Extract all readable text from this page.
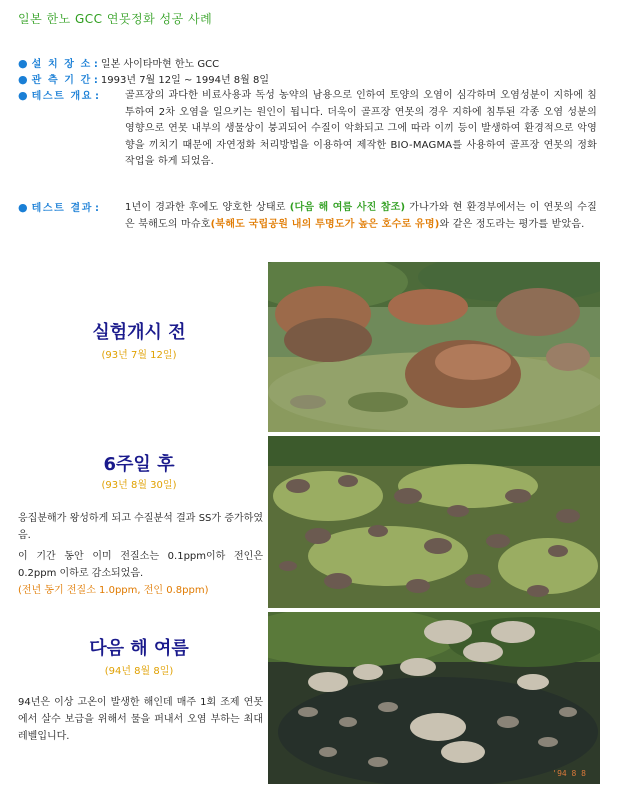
일본 한노 GCC 연못정화 성공 사례
● 설 치 장 소 : 일본 사이타마현 한노 GCC
● 관 측 기 간 : 1993년 7월 12일 ~ 1994년 8월 8일
● 테스트 개요 :	골프장의 과다한 비료사용과 독성 농약의 남용으로 인하여 토양의 오염이 심각하며 오염성분이 지하에 침투하여 2차 오염을 일으키는 원인이 됩니다. 더욱이 골프장 연못의 경우 지하에 침투된 각종 오염 성분의 영향으로 연못 내부의 생물상이 붕괴되어 수질이 악화되고 그에 따라 이끼 등이 발생하여 환경적으로 악영향을 끼치기 때문에 자연정화 처리방법을 이용하여 제작한 BIO-MAGMA를 사용하여 골프장 연못의 정화작업을 하게 되었음.
● 테스트 결과 :	1년이 경과한 후에도 양호한 상태로 (다음 해 여름 사진 참조) 가나가와 현 환경부에서는 이 연못의 수질은 북해도의 마슈호(북해도 국립공원 내의 투명도가 높은 호수로 유명)와 같은 정도라는 평가를 받았음.
실험개시 전
(93년 7월 12일)
6주일 후
(93년 8월 30일)
응집분해가 왕성하게 되고 수질분석 결과 SS가 증가하였음.
이 기간 동안 이미 전질소는 0.1ppm이하 전인은 0.2ppm 이하로 감소되었음.
(전년 동기 전질소 1.0ppm, 전인 0.8ppm)
다음 해 여름
(94년 8월 8일)
94년은 이상 고온이 발생한 해인데 매주 1회 조제 연못에서 살수 보급을 위해서 물을 퍼내서 오염 부하는 최대 레벨입니다.
'94 8 8
